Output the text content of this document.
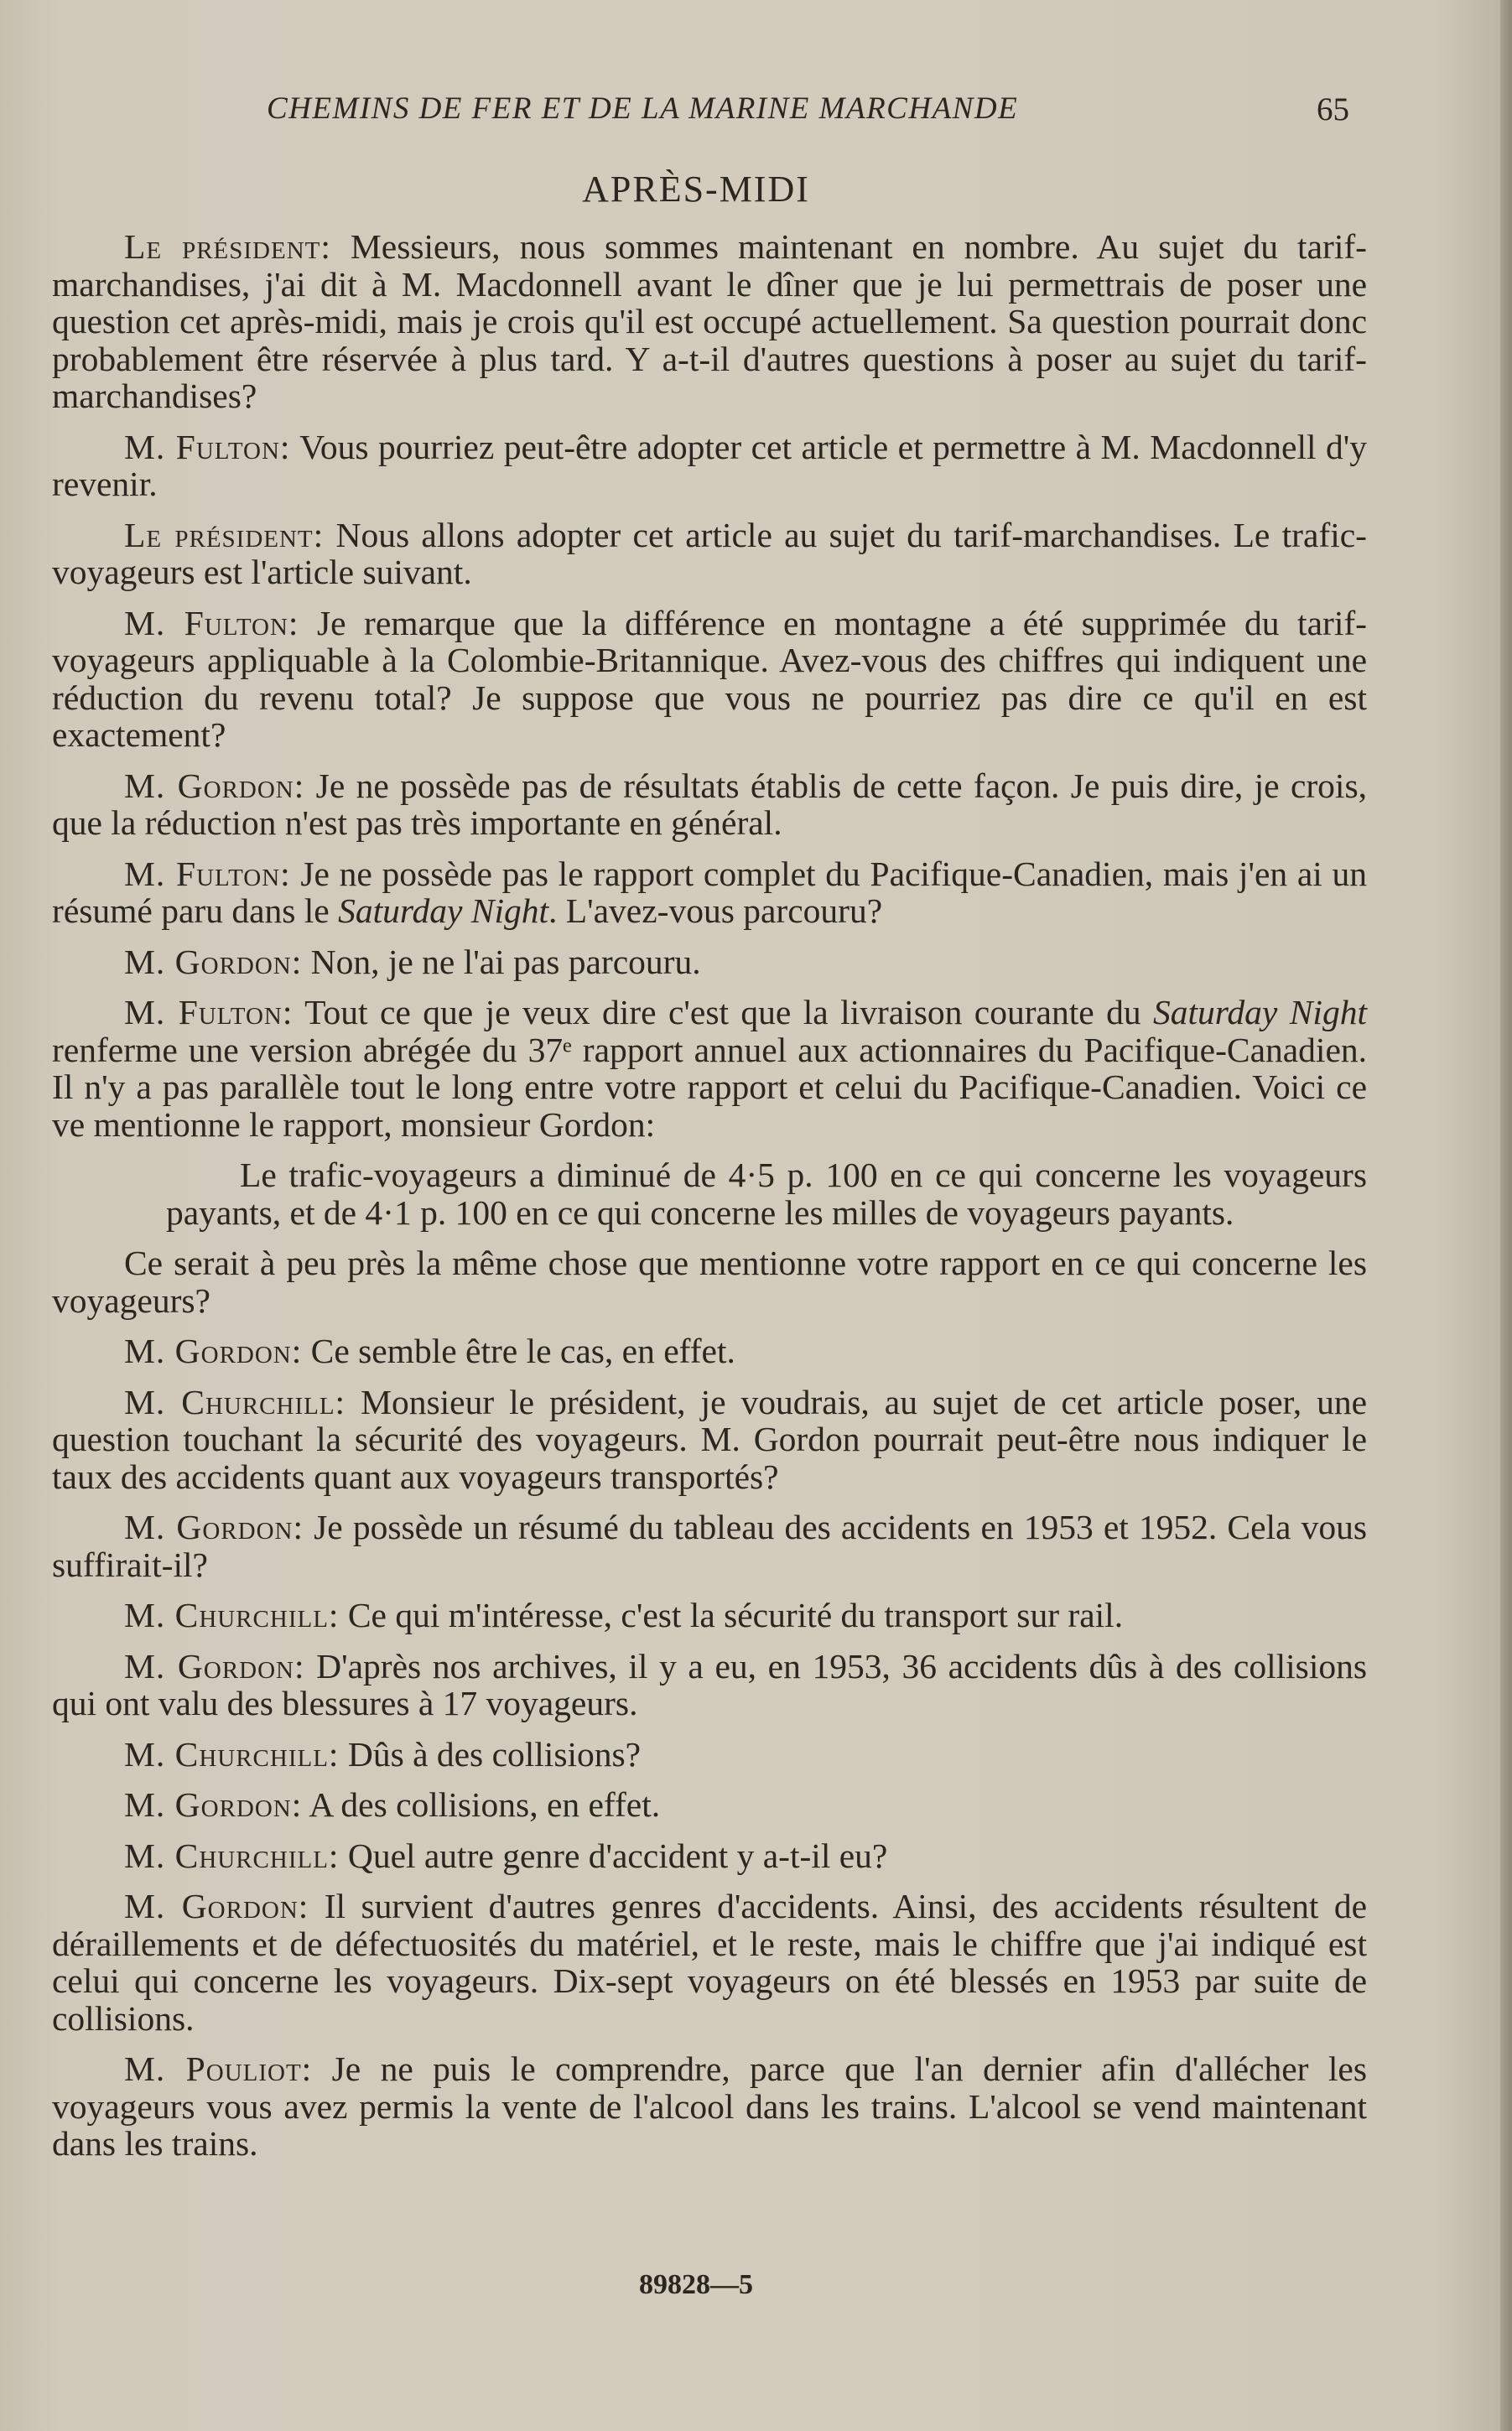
CHEMINS DE FER ET DE LA MARINE MARCHANDE	65
APRÈS-MIDI

Le président: Messieurs, nous sommes maintenant en nombre. Au sujet du tarif-marchandises, j'ai dit à M. Macdonnell avant le dîner que je lui permettrais de poser une question cet après-midi, mais je crois qu'il est occupé actuellement. Sa question pourrait donc probablement être réservée à plus tard. Y a-t-il d'autres questions à poser au sujet du tarif-marchandises?

M. Fulton: Vous pourriez peut-être adopter cet article et permettre à M. Macdonnell d'y revenir.

Le président: Nous allons adopter cet article au sujet du tarif-marchandises. Le trafic-voyageurs est l'article suivant.

M. Fulton: Je remarque que la différence en montagne a été supprimée du tarif-voyageurs appliquable à la Colombie-Britannique. Avez-vous des chiffres qui indiquent une réduction du revenu total? Je suppose que vous ne pourriez pas dire ce qu'il en est exactement?

M. Gordon: Je ne possède pas de résultats établis de cette façon. Je puis dire, je crois, que la réduction n'est pas très importante en général.

M. Fulton: Je ne possède pas le rapport complet du Pacifique-Canadien, mais j'en ai un résumé paru dans le Saturday Night. L'avez-vous parcouru?

M. Gordon: Non, je ne l'ai pas parcouru.

M. Fulton: Tout ce que je veux dire c'est que la livraison courante du Saturday Night renferme une version abrégée du 37ᵉ rapport annuel aux actionnaires du Pacifique-Canadien. Il n'y a pas parallèle tout le long entre votre rapport et celui du Pacifique-Canadien. Voici ce ve mentionne le rapport, monsieur Gordon:

Le trafic-voyageurs a diminué de 4·5 p. 100 en ce qui concerne les voyageurs payants, et de 4·1 p. 100 en ce qui concerne les milles de voyageurs payants.

Ce serait à peu près la même chose que mentionne votre rapport en ce qui concerne les voyageurs?

M. Gordon: Ce semble être le cas, en effet.

M. Churchill: Monsieur le président, je voudrais, au sujet de cet article poser, une question touchant la sécurité des voyageurs. M. Gordon pourrait peut-être nous indiquer le taux des accidents quant aux voyageurs transportés?

M. Gordon: Je possède un résumé du tableau des accidents en 1953 et 1952. Cela vous suffirait-il?

M. Churchill: Ce qui m'intéresse, c'est la sécurité du transport sur rail.

M. Gordon: D'après nos archives, il y a eu, en 1953, 36 accidents dûs à des collisions qui ont valu des blessures à 17 voyageurs.

M. Churchill: Dûs à des collisions?

M. Gordon: A des collisions, en effet.

M. Churchill: Quel autre genre d'accident y a-t-il eu?

M. Gordon: Il survient d'autres genres d'accidents. Ainsi, des accidents résultent de déraillements et de défectuosités du matériel, et le reste, mais le chiffre que j'ai indiqué est celui qui concerne les voyageurs. Dix-sept voyageurs on été blessés en 1953 par suite de collisions.

M. Pouliot: Je ne puis le comprendre, parce que l'an dernier afin d'allécher les voyageurs vous avez permis la vente de l'alcool dans les trains. L'alcool se vend maintenant dans les trains.

89828—5
